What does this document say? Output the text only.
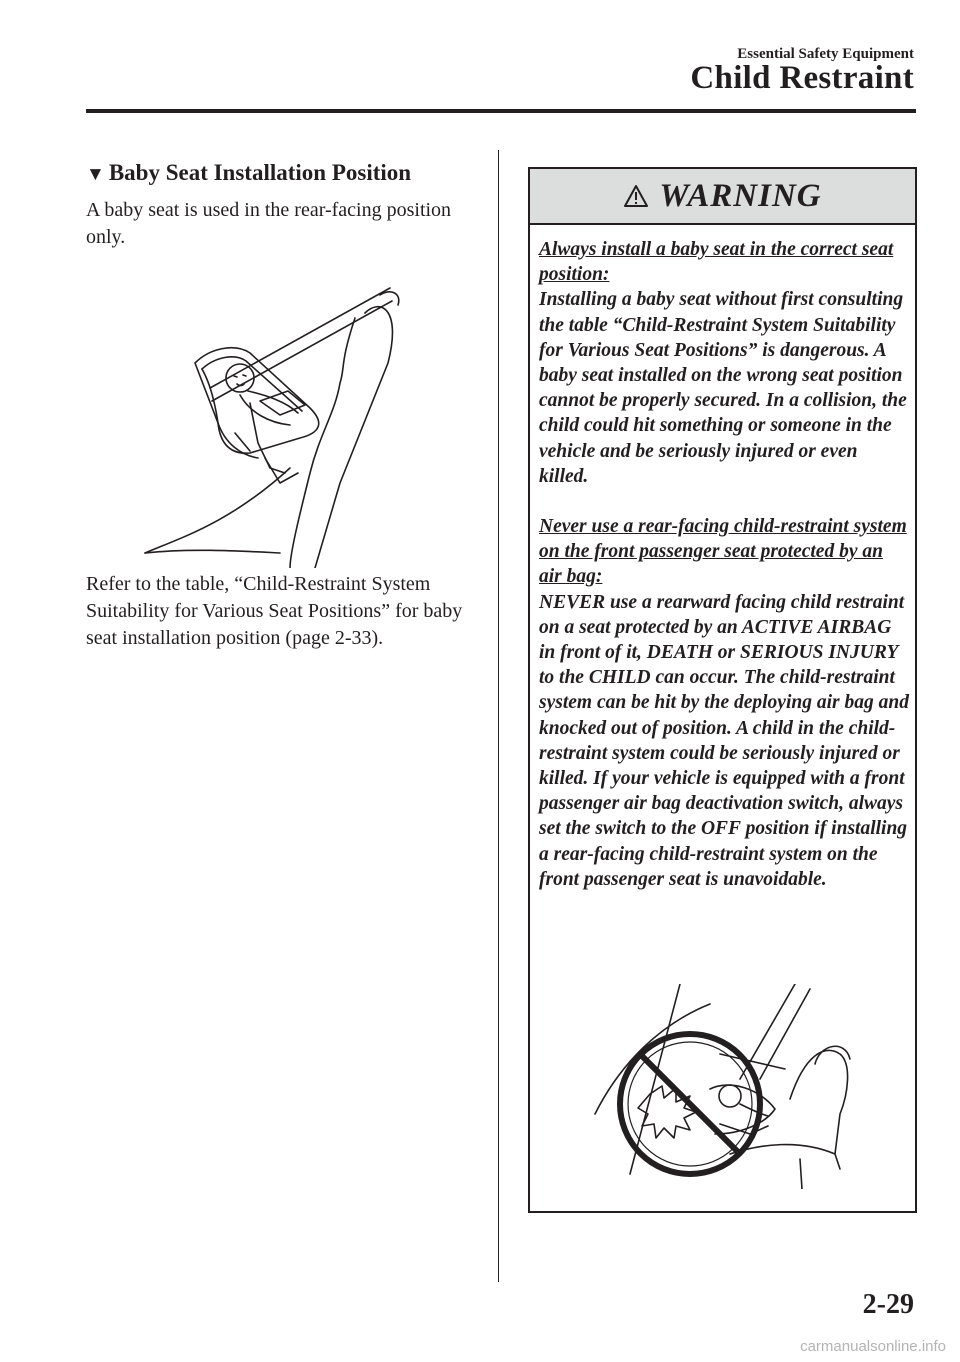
Essential Safety Equipment
Child Restraint
▼ Baby Seat Installation Position
A baby seat is used in the rear-facing position only.
Refer to the table, “Child-Restraint System Suitability for Various Seat Positions” for baby seat installation position (page 2-33).
WARNING

Always install a baby seat in the correct seat position:

Installing a baby seat without first consulting the table “Child-Restraint System Suitability for Various Seat Positions” is dangerous. A baby seat installed on the wrong seat position cannot be properly secured. In a collision, the child could hit something or someone in the vehicle and be seriously injured or even killed.

Never use a rear-facing child-restraint system on the front passenger seat protected by an air bag:

NEVER use a rearward facing child restraint on a seat protected by an ACTIVE AIRBAG in front of it, DEATH or SERIOUS INJURY to the CHILD can occur. The child-restraint system can be hit by the deploying air bag and knocked out of position. A child in the child-restraint system could be seriously injured or killed. If your vehicle is equipped with a front passenger air bag deactivation switch, always set the switch to the OFF position if installing a rear-facing child-restraint system on the front passenger seat is unavoidable.

2-29
carmanualsonline.info
